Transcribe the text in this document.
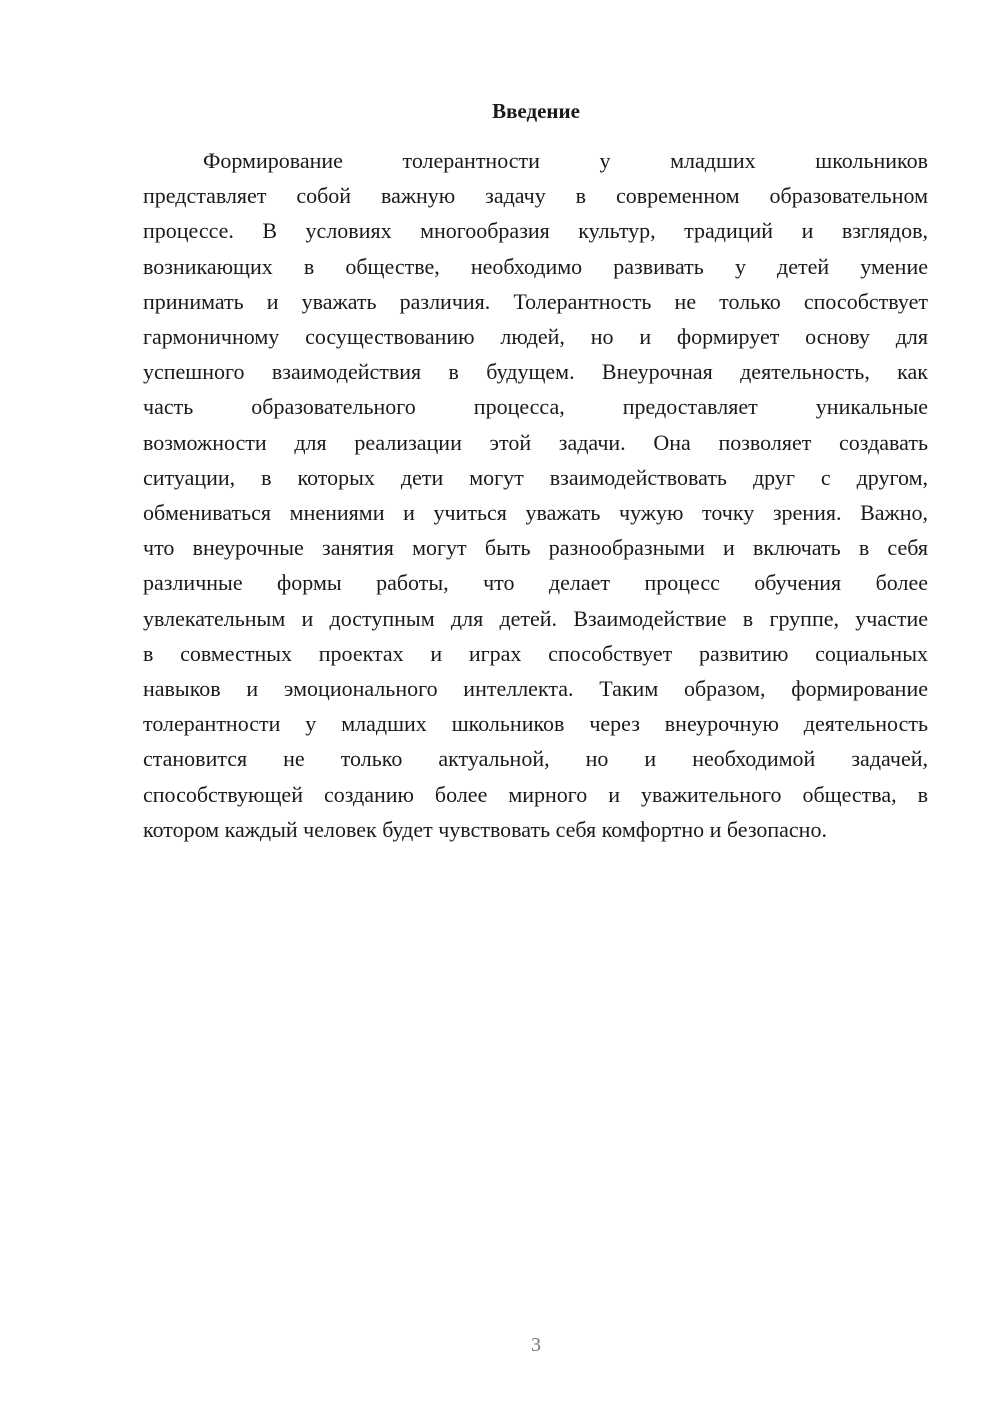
Введение

Формирование толерантности у младших школьников
представляет собой важную задачу в современном образовательном
процессе. В условиях многообразия культур, традиций и взглядов,
возникающих в обществе, необходимо развивать у детей умение
принимать и уважать различия. Толерантность не только способствует
гармоничному сосуществованию людей, но и формирует основу для
успешного взаимодействия в будущем. Внеурочная деятельность, как
часть образовательного процесса, предоставляет уникальные
возможности для реализации этой задачи. Она позволяет создавать
ситуации, в которых дети могут взаимодействовать друг с другом,
обмениваться мнениями и учиться уважать чужую точку зрения. Важно,
что внеурочные занятия могут быть разнообразными и включать в себя
различные формы работы, что делает процесс обучения более
увлекательным и доступным для детей. Взаимодействие в группе, участие
в совместных проектах и играх способствует развитию социальных
навыков и эмоционального интеллекта. Таким образом, формирование
толерантности у младших школьников через внеурочную деятельность
становится не только актуальной, но и необходимой задачей,
способствующей созданию более мирного и уважительного общества, в
котором каждый человек будет чувствовать себя комфортно и безопасно.

3
